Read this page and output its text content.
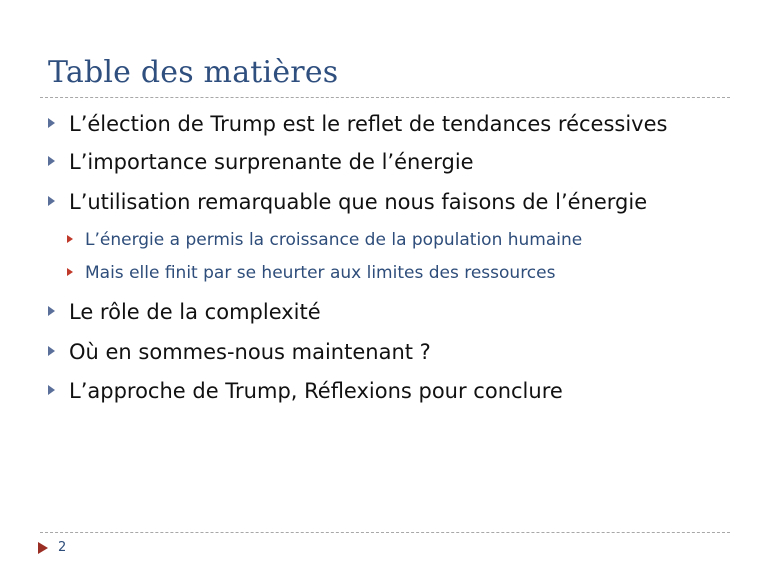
Table des matières
L’élection de Trump est le reflet de tendances récessives
L’importance surprenante de l’énergie
L’utilisation remarquable que nous faisons de l’énergie
L’énergie a permis la croissance de la population humaine
Mais elle finit par se heurter aux limites des ressources
Le rôle de la complexité
Où en sommes-nous maintenant ?
L’approche de Trump, Réflexions pour conclure
2
